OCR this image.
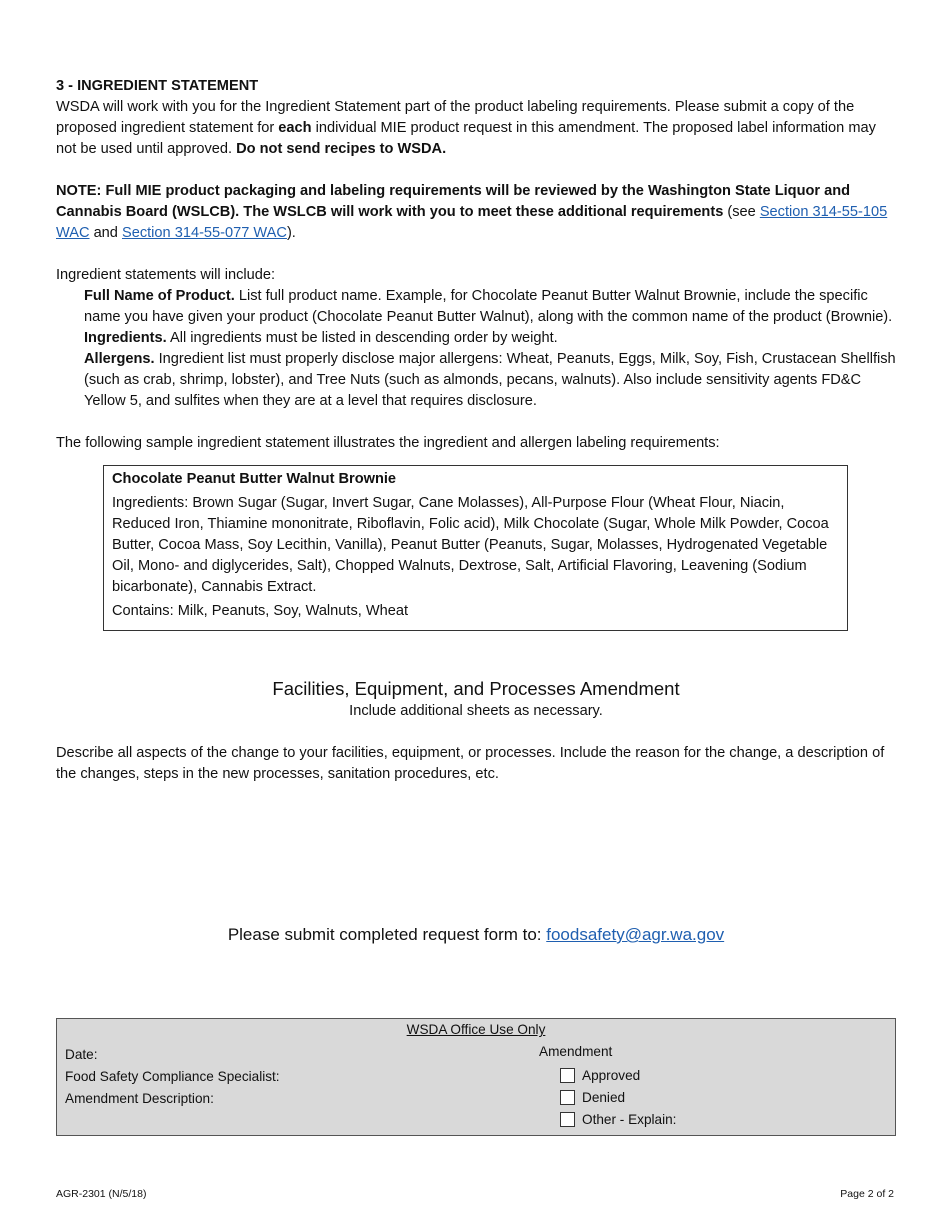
3 - INGREDIENT STATEMENT

WSDA will work with you for the Ingredient Statement part of the product labeling requirements. Please submit a copy of the proposed ingredient statement for each individual MIE product request in this amendment. The proposed label information may not be used until approved. Do not send recipes to WSDA.

NOTE: Full MIE product packaging and labeling requirements will be reviewed by the Washington State Liquor and Cannabis Board (WSLCB). The WSLCB will work with you to meet these additional requirements (see Section 314-55-105 WAC and Section 314-55-077 WAC).

Ingredient statements will include:

Full Name of Product. List full product name. Example, for Chocolate Peanut Butter Walnut Brownie, include the specific name you have given your product (Chocolate Peanut Butter Walnut), along with the common name of the product (Brownie).

Ingredients. All ingredients must be listed in descending order by weight.

Allergens. Ingredient list must properly disclose major allergens: Wheat, Peanuts, Eggs, Milk, Soy, Fish, Crustacean Shellfish (such as crab, shrimp, lobster), and Tree Nuts (such as almonds, pecans, walnuts). Also include sensitivity agents FD&C Yellow 5, and sulfites when they are at a level that requires disclosure.

The following sample ingredient statement illustrates the ingredient and allergen labeling requirements:

Chocolate Peanut Butter Walnut Brownie

Ingredients: Brown Sugar (Sugar, Invert Sugar, Cane Molasses), All-Purpose Flour (Wheat Flour, Niacin, Reduced Iron, Thiamine mononitrate, Riboflavin, Folic acid), Milk Chocolate (Sugar, Whole Milk Powder, Cocoa Butter, Cocoa Mass, Soy Lecithin, Vanilla), Peanut Butter (Peanuts, Sugar, Molasses, Hydrogenated Vegetable Oil, Mono- and diglycerides, Salt), Chopped Walnuts, Dextrose, Salt, Artificial Flavoring, Leavening (Sodium bicarbonate), Cannabis Extract.

Contains: Milk, Peanuts, Soy, Walnuts, Wheat

Facilities, Equipment, and Processes Amendment

Include additional sheets as necessary.

Describe all aspects of the change to your facilities, equipment, or processes. Include the reason for the change, a description of the changes, steps in the new processes, sanitation procedures, etc.

Please submit completed request form to: foodsafety@agr.wa.gov

WSDA Office Use Only
Date:
Food Safety Compliance Specialist:
Amendment Description:
Amendment
Approved
Denied
Other - Explain:
AGR-2301 (N/5/18)	Page 2 of 2
